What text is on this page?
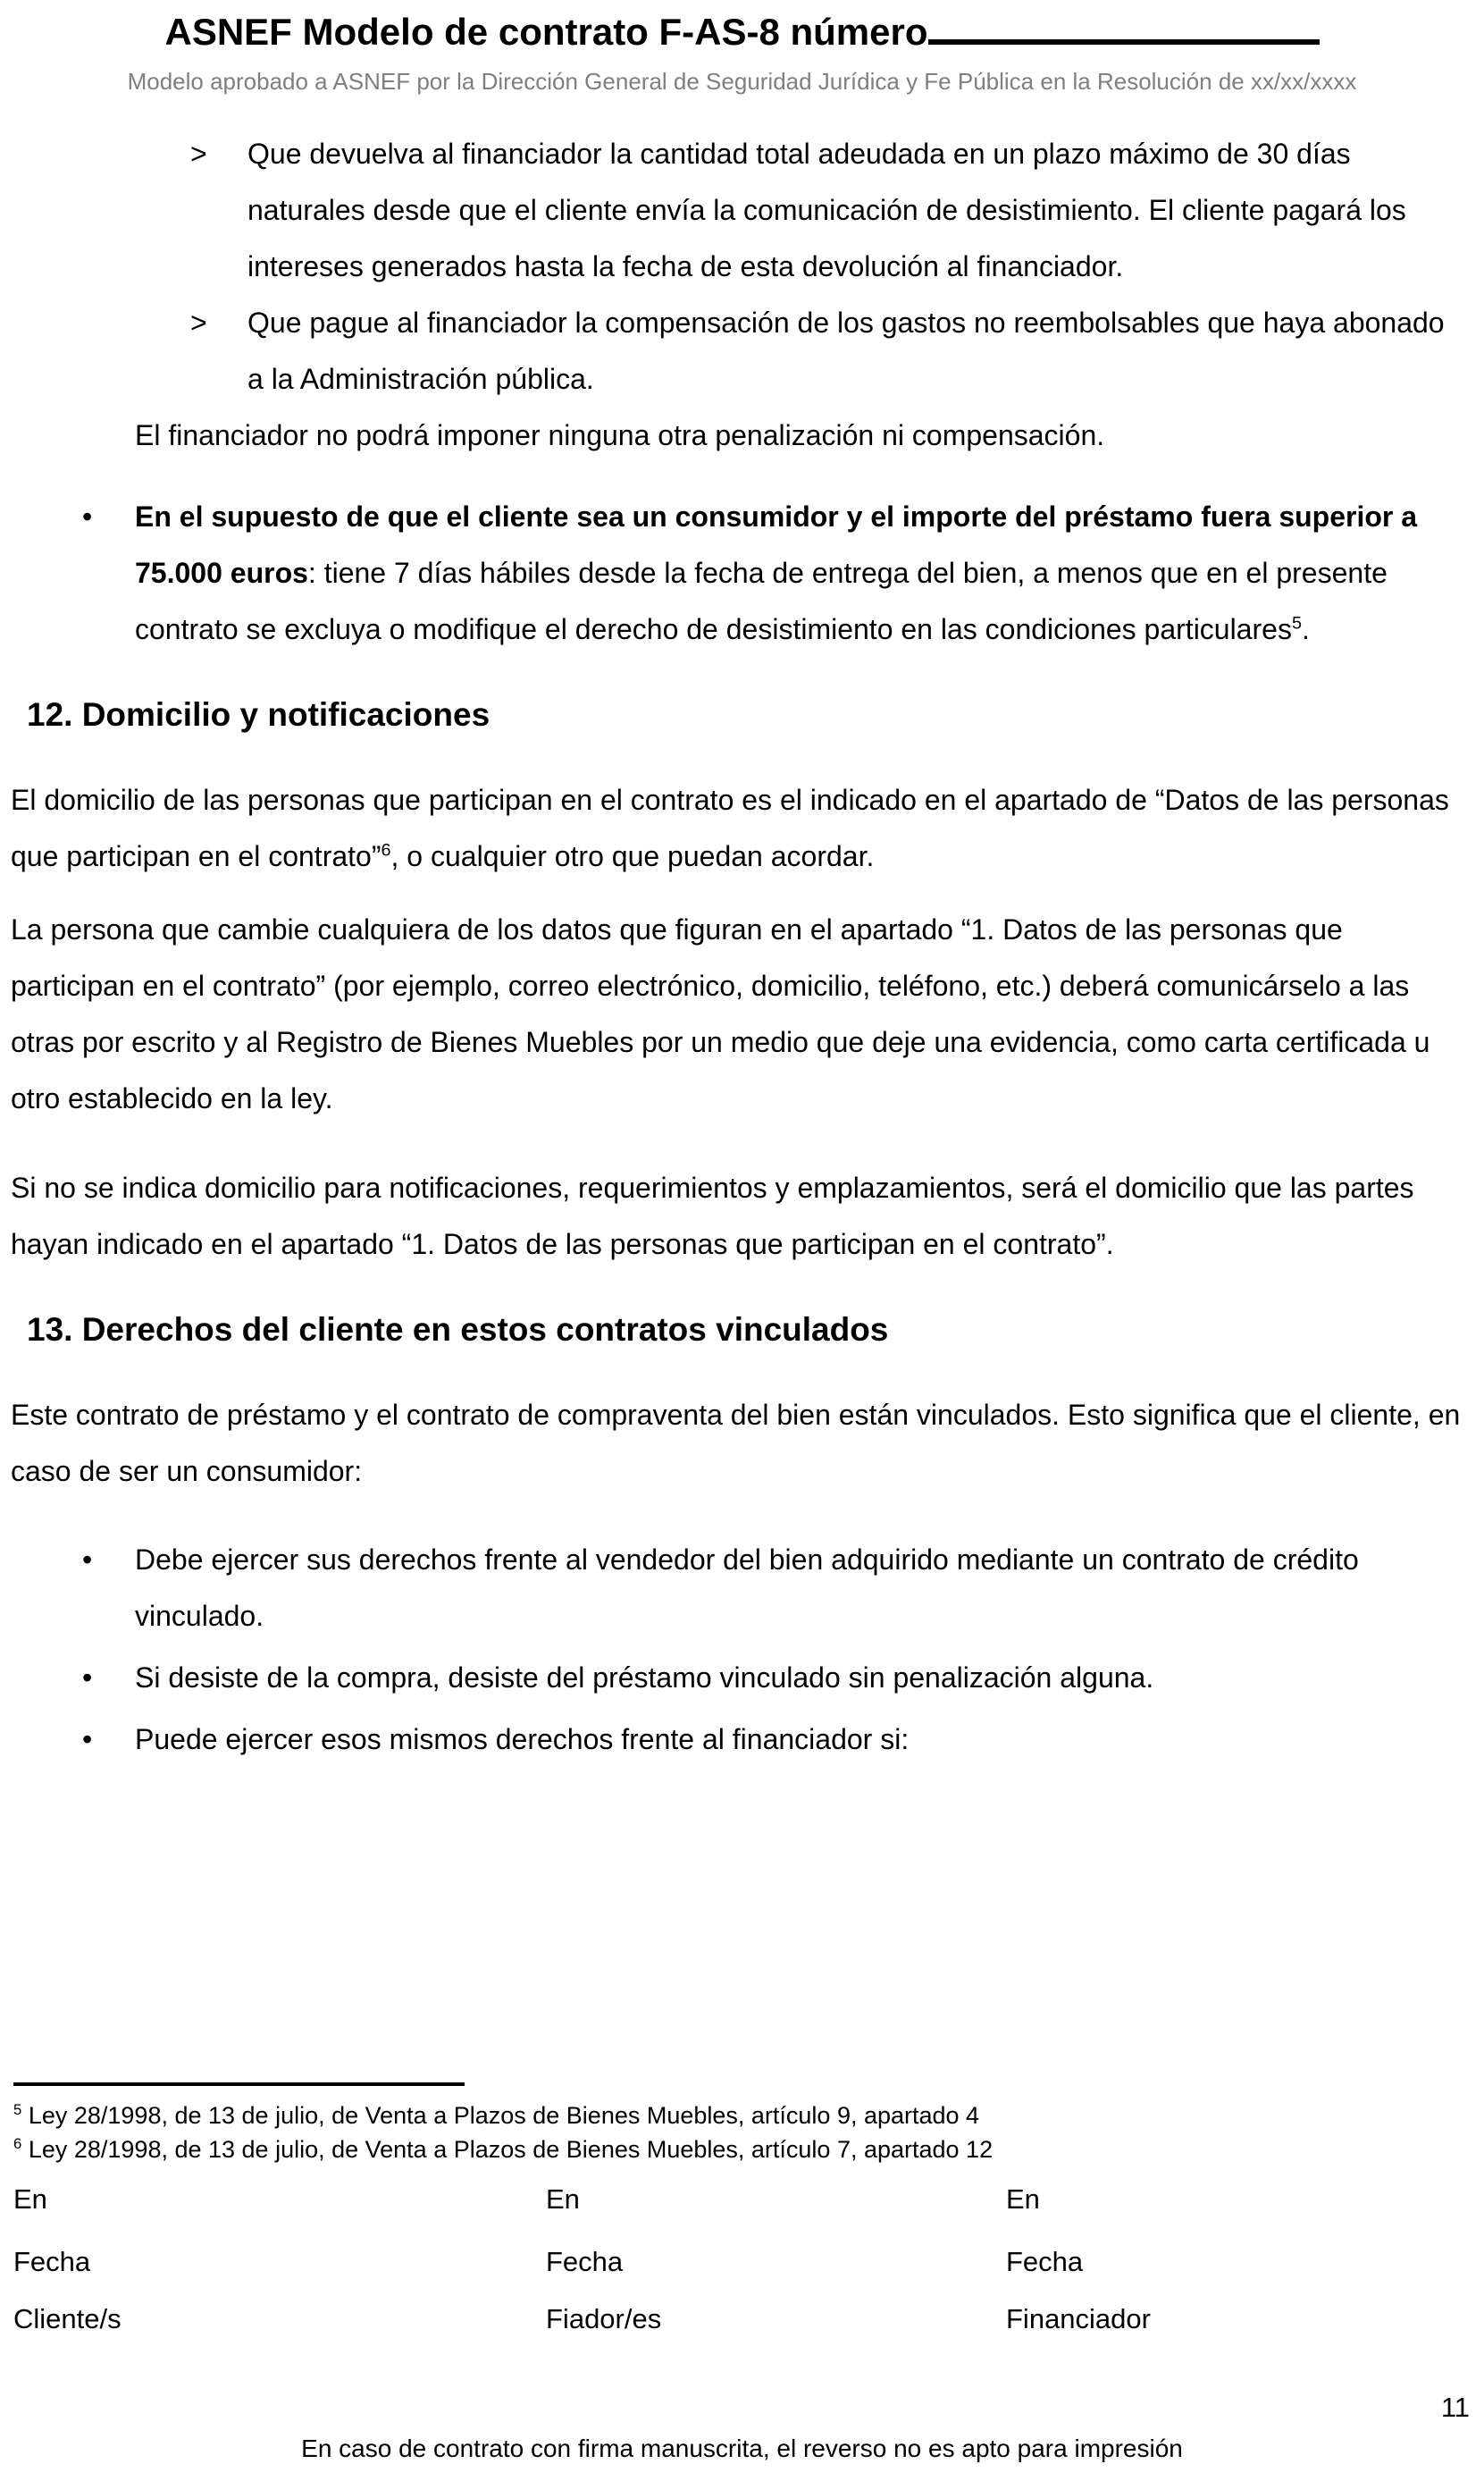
ASNEF Modelo de contrato F-AS-8 número
Modelo aprobado a ASNEF por la Dirección General de Seguridad Jurídica y Fe Pública en la Resolución de xx/xx/xxxx
> Que devuelva al financiador la cantidad total adeudada en un plazo máximo de 30 días naturales desde que el cliente envía la comunicación de desistimiento. El cliente pagará los intereses generados hasta la fecha de esta devolución al financiador.
> Que pague al financiador la compensación de los gastos no reembolsables que haya abonado a la Administración pública.

El financiador no podrá imponer ninguna otra penalización ni compensación.

• En el supuesto de que el cliente sea un consumidor y el importe del préstamo fuera superior a 75.000 euros: tiene 7 días hábiles desde la fecha de entrega del bien, a menos que en el presente contrato se excluya o modifique el derecho de desistimiento en las condiciones particulares$^5$.
12. Domicilio y notificaciones

El domicilio de las personas que participan en el contrato es el indicado en el apartado de “Datos de las personas que participan en el contrato”$^6$, o cualquier otro que puedan acordar.

La persona que cambie cualquiera de los datos que figuran en el apartado “1. Datos de las personas que participan en el contrato” (por ejemplo, correo electrónico, domicilio, teléfono, etc.) deberá comunicárselo a las otras por escrito y al Registro de Bienes Muebles por un medio que deje una evidencia, como carta certificada u otro establecido en la ley.

Si no se indica domicilio para notificaciones, requerimientos y emplazamientos, será el domicilio que las partes hayan indicado en el apartado “1. Datos de las personas que participan en el contrato”.

13. Derechos del cliente en estos contratos vinculados

Este contrato de préstamo y el contrato de compraventa del bien están vinculados. Esto significa que el cliente, en caso de ser un consumidor:

• Debe ejercer sus derechos frente al vendedor del bien adquirido mediante un contrato de crédito vinculado.
• Si desiste de la compra, desiste del préstamo vinculado sin penalización alguna.
• Puede ejercer esos mismos derechos frente al financiador si:
$^5$ Ley 28/1998, de 13 de julio, de Venta a Plazos de Bienes Muebles, artículo 9, apartado 4
$^6$ Ley 28/1998, de 13 de julio, de Venta a Plazos de Bienes Muebles, artículo 7, apartado 12
En
Fecha
Cliente/s
En
Fecha
Fiador/es
En
Fecha
Financiador
11
En caso de contrato con firma manuscrita, el reverso no es apto para impresión
